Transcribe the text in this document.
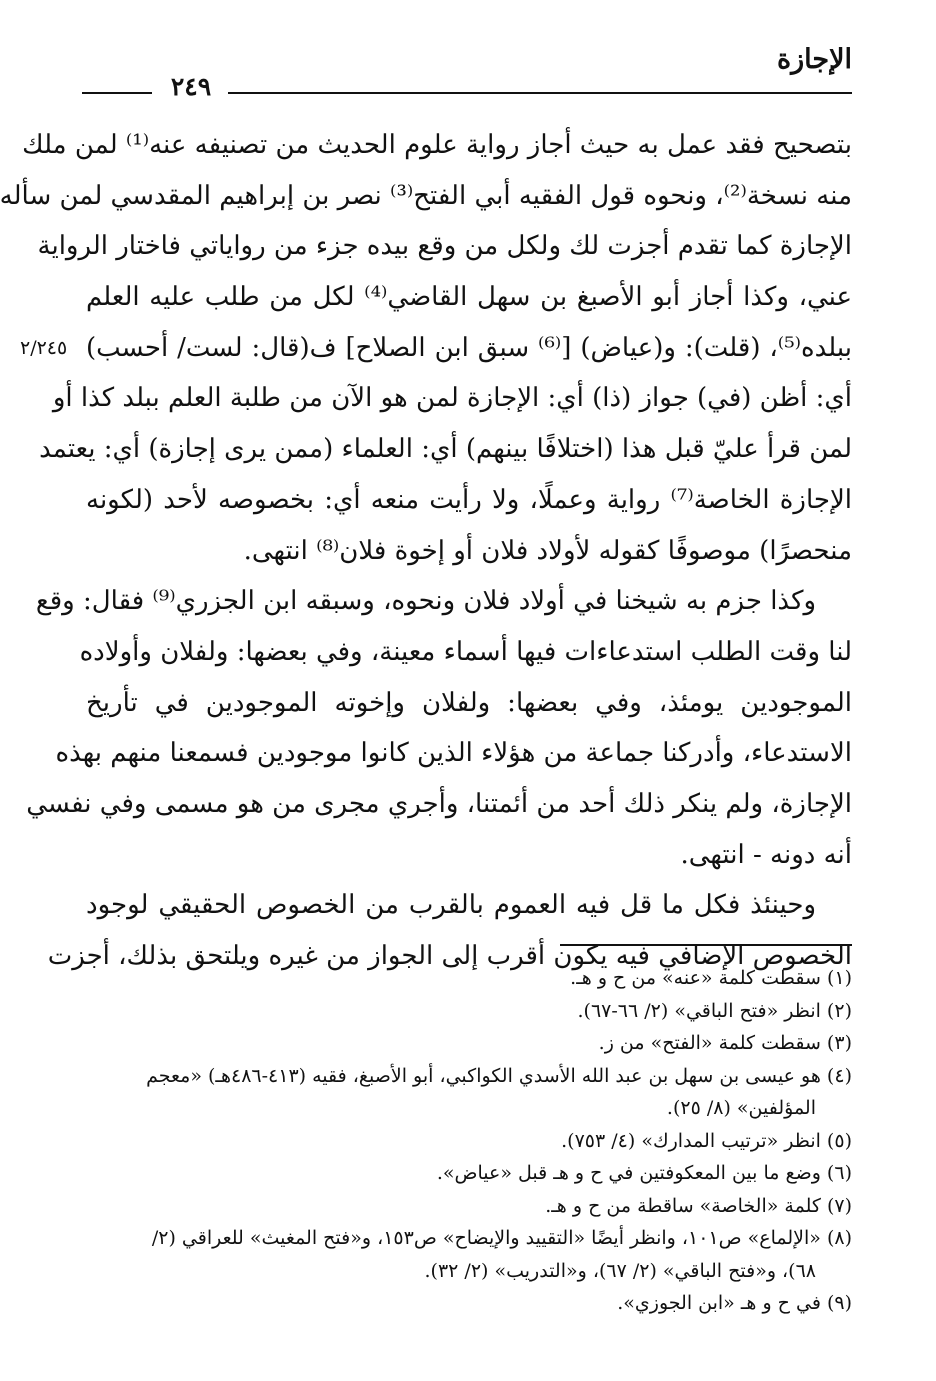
الإجازة
٢٤٩
بتصحيح فقد عمل به حيث أجاز رواية علوم الحديث من تصنيفه عنه⁽¹⁾ لمن ملك
منه نسخة⁽²⁾، ونحوه قول الفقيه أبي الفتح⁽³⁾ نصر بن إبراهيم المقدسي لمن سأله
الإجازة كما تقدم أجزت لك ولكل من وقع بيده جزء من رواياتي فاختار الرواية
عني، وكذا أجاز أبو الأصبغ بن سهل القاضي⁽⁴⁾ لكل من طلب عليه العلم
ببلده⁽⁵⁾، (قلت): و(عياض) [⁽⁶⁾ سبق ابن الصلاح] ف(قال: لست/ أحسب)
٢/٢٤٥
أي: أظن (في) جواز (ذا) أي: الإجازة لمن هو الآن من طلبة العلم ببلد كذا أو
لمن قرأ عليّ قبل هذا (اختلافًا بينهم) أي: العلماء (ممن يرى إجازة) أي: يعتمد
الإجازة الخاصة⁽⁷⁾ رواية وعملًا، ولا رأيت منعه أي: بخصوصه لأحد (لكونه
منحصرًا) موصوفًا كقوله لأولاد فلان أو إخوة فلان⁽⁸⁾ انتهى.
وكذا جزم به شيخنا في أولاد فلان ونحوه، وسبقه ابن الجزري⁽⁹⁾ فقال: وقع
لنا وقت الطلب استدعاءات فيها أسماء معينة، وفي بعضها: ولفلان وأولاده
الموجودين يومئذ، وفي بعضها: ولفلان وإخوته الموجودين في تأريخ
الاستدعاء، وأدركنا جماعة من هؤلاء الذين كانوا موجودين فسمعنا منهم بهذه
الإجازة، ولم ينكر ذلك أحد من أئمتنا، وأجري مجرى من هو مسمى وفي نفسي
أنه دونه - انتهى.
وحينئذ فكل ما قل فيه العموم بالقرب من الخصوص الحقيقي لوجود
الخصوص الإضافي فيه يكون أقرب إلى الجواز من غيره ويلتحق بذلك، أجزت
(١) سقطت كلمة «عنه» من ح و هـ.
(٢) انظر «فتح الباقي» (٢/ ٦٦-٦٧).
(٣) سقطت كلمة «الفتح» من ز.
(٤) هو عيسى بن سهل بن عبد الله الأسدي الكواكبي، أبو الأصبغ، فقيه (٤١٣-٤٨٦هـ) «معجم
المؤلفين» (٨/ ٢٥).
(٥) انظر «ترتيب المدارك» (٤/ ٧٥٣).
(٦) وضع ما بين المعكوفتين في ح و هـ قبل «عياض».
(٧) كلمة «الخاصة» ساقطة من ح و هـ.
(٨) «الإلماع» ص١٠١، وانظر أيضًا «التقييد والإيضاح» ص١٥٣، و«فتح المغيث» للعراقي (٢/
٦٨)، و«فتح الباقي» (٢/ ٦٧)، و«التدريب» (٢/ ٣٢).
(٩) في ح و هـ «ابن الجوزي».
